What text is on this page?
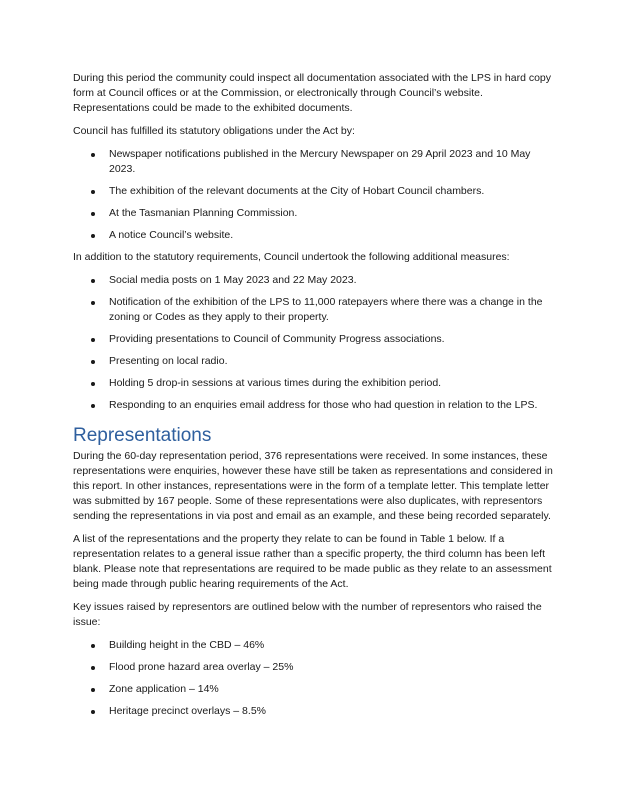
During this period the community could inspect all documentation associated with the LPS in hard copy form at Council offices or at the Commission, or electronically through Council’s website. Representations could be made to the exhibited documents.

Council has fulfilled its statutory obligations under the Act by:

Newspaper notifications published in the Mercury Newspaper on 29 April 2023 and 10 May 2023.
The exhibition of the relevant documents at the City of Hobart Council chambers.
At the Tasmanian Planning Commission.
A notice Council’s website.

In addition to the statutory requirements, Council undertook the following additional measures:

Social media posts on 1 May 2023 and 22 May 2023.
Notification of the exhibition of the LPS to 11,000 ratepayers where there was a change in the zoning or Codes as they apply to their property.
Providing presentations to Council of Community Progress associations.
Presenting on local radio.
Holding 5 drop-in sessions at various times during the exhibition period.
Responding to an enquiries email address for those who had question in relation to the LPS.
Representations

During the 60-day representation period, 376 representations were received. In some instances, these representations were enquiries, however these have still be taken as representations and considered in this report. In other instances, representations were in the form of a template letter. This template letter was submitted by 167 people. Some of these representations were also duplicates, with representors sending the representations in via post and email as an example, and these being recorded separately.

A list of the representations and the property they relate to can be found in Table 1 below. If a representation relates to a general issue rather than a specific property, the third column has been left blank. Please note that representations are required to be made public as they relate to an assessment being made through public hearing requirements of the Act.

Key issues raised by representors are outlined below with the number of representors who raised the issue:

Building height in the CBD – 46%
Flood prone hazard area overlay – 25%
Zone application – 14%
Heritage precinct overlays – 8.5%
